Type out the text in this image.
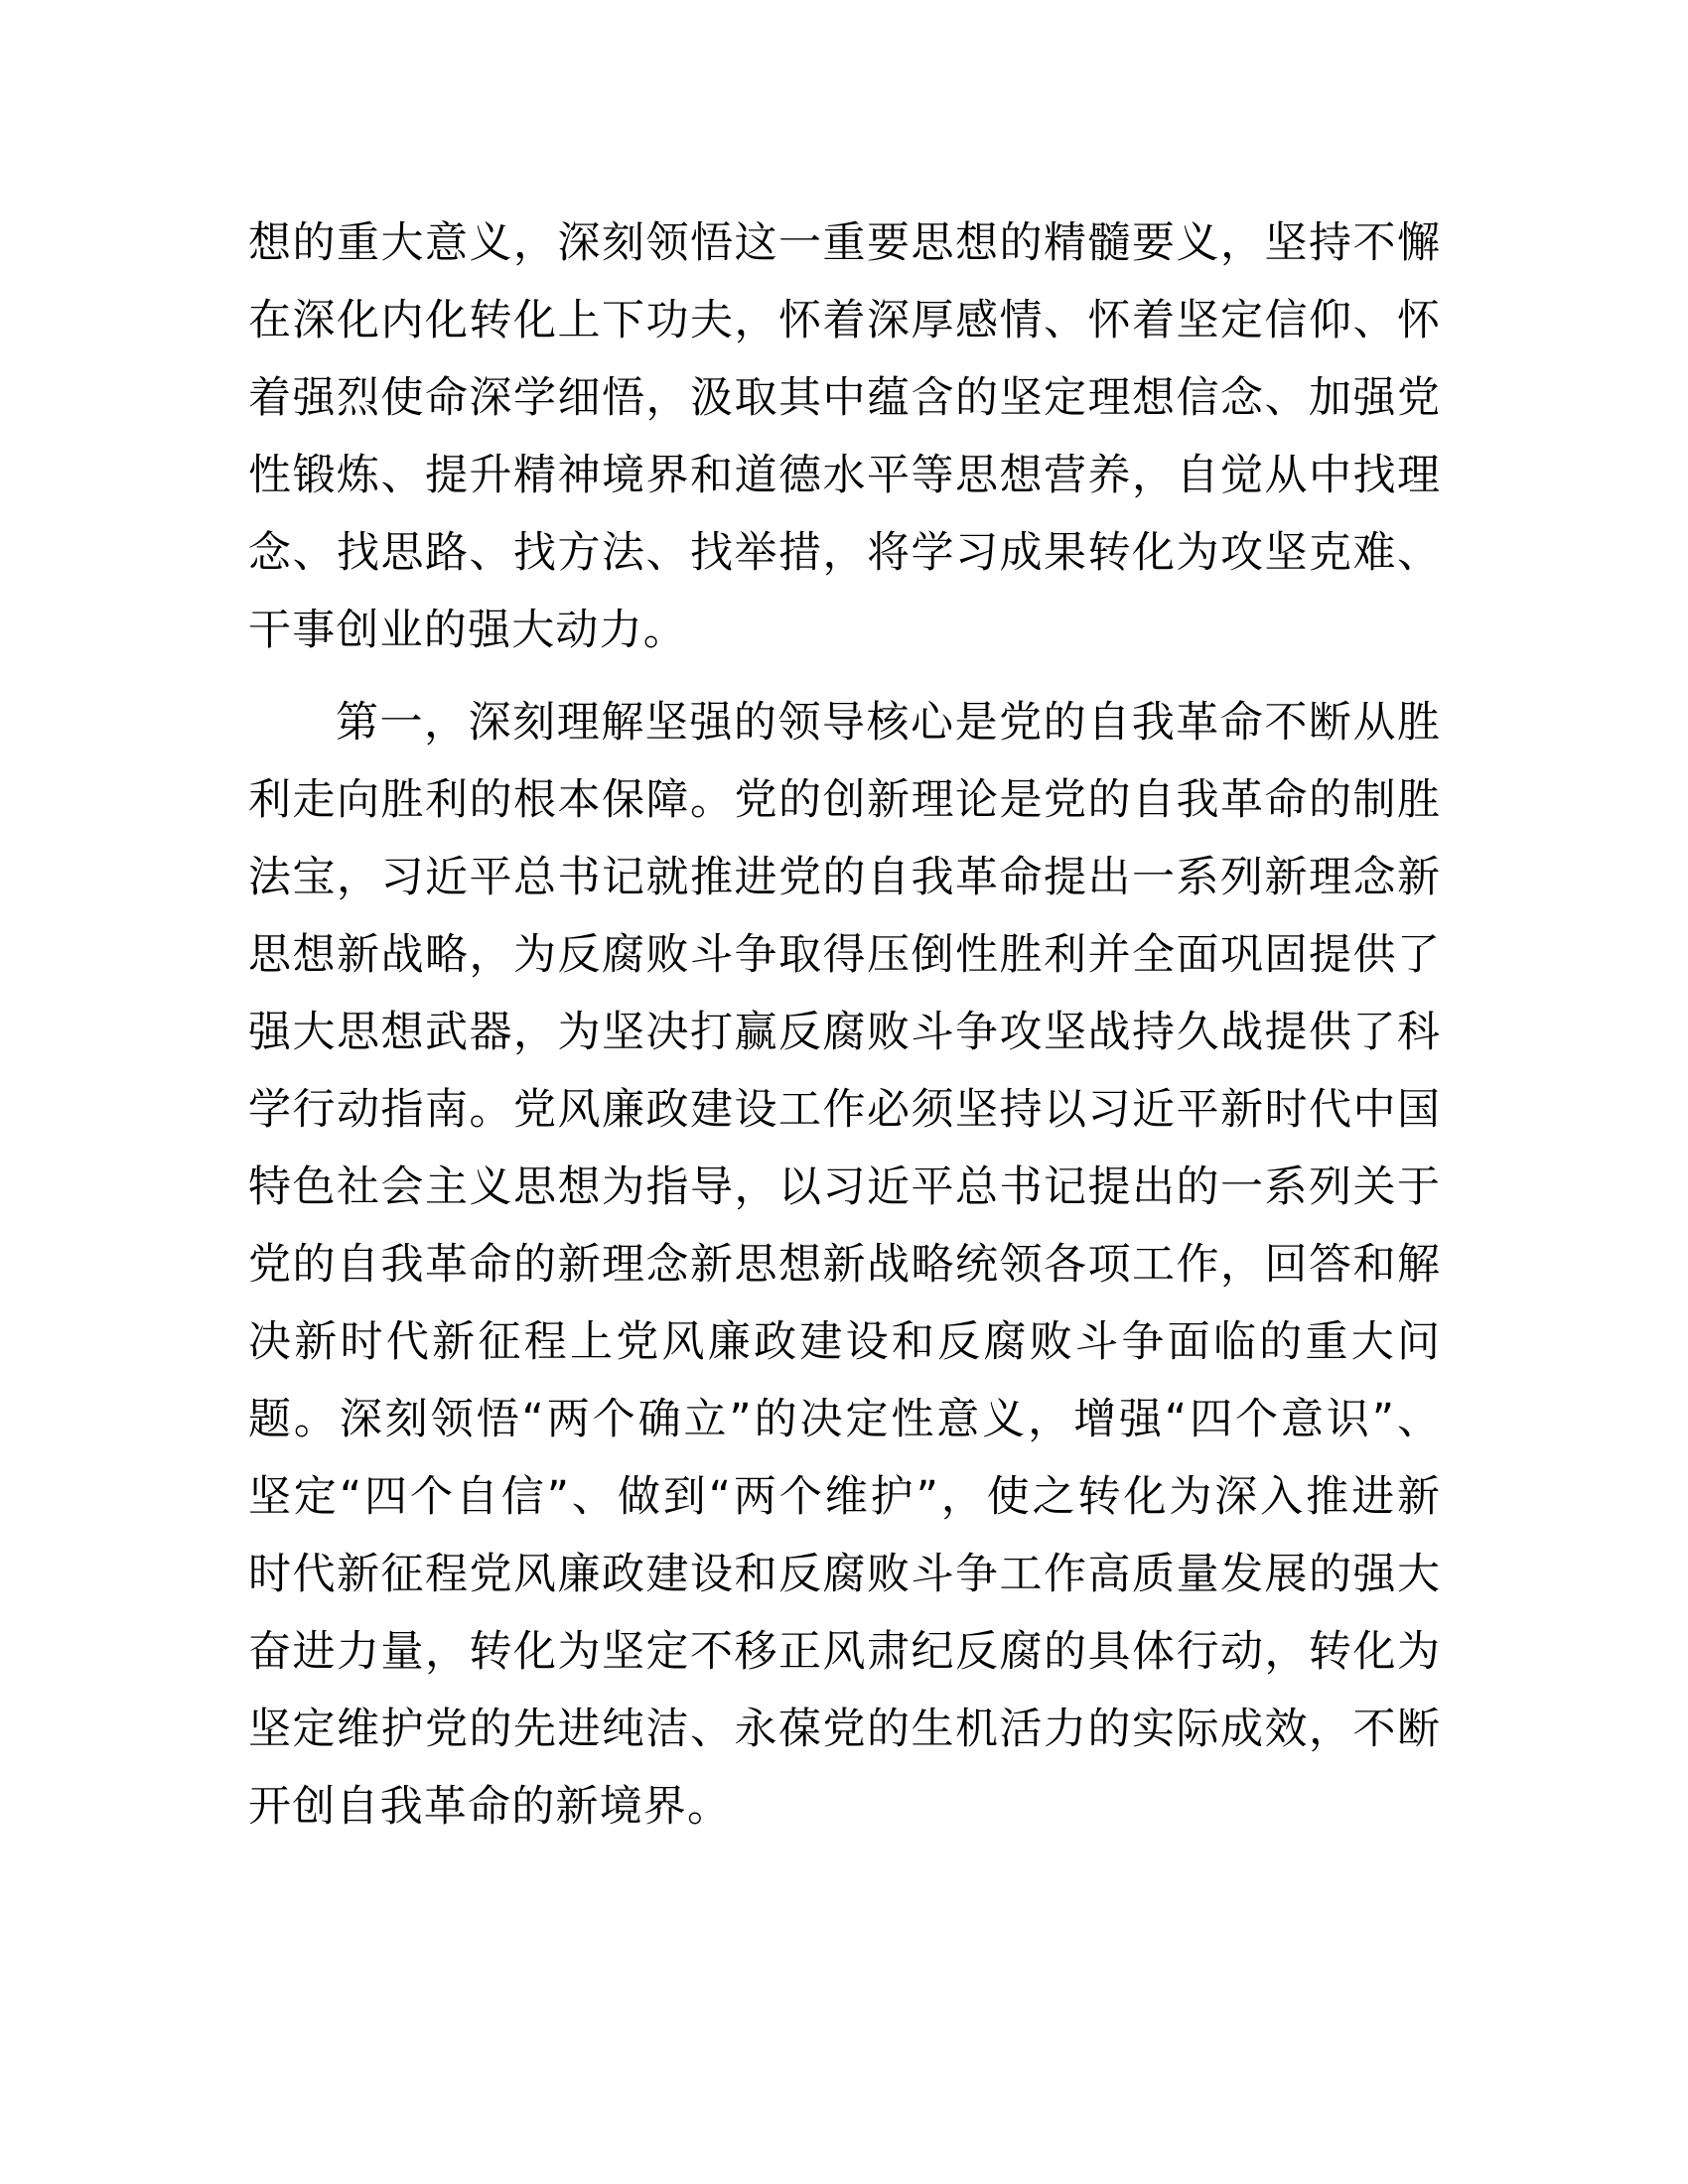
想的重大意义，深刻领悟这一重要思想的精髓要义，坚持不懈
在深化内化转化上下功夫，怀着深厚感情、怀着坚定信仰、怀
着强烈使命深学细悟，汲取其中蕴含的坚定理想信念、加强党
性锻炼、提升精神境界和道德水平等思想营养，自觉从中找理
念、找思路、找方法、找举措，将学习成果转化为攻坚克难、
干事创业的强大动力。
第一，深刻理解坚强的领导核心是党的自我革命不断从胜
利走向胜利的根本保障。党的创新理论是党的自我革命的制胜
法宝，习近平总书记就推进党的自我革命提出一系列新理念新
思想新战略，为反腐败斗争取得压倒性胜利并全面巩固提供了
强大思想武器，为坚决打赢反腐败斗争攻坚战持久战提供了科
学行动指南。党风廉政建设工作必须坚持以习近平新时代中国
特色社会主义思想为指导，以习近平总书记提出的一系列关于
党的自我革命的新理念新思想新战略统领各项工作，回答和解
决新时代新征程上党风廉政建设和反腐败斗争面临的重大问
题。深刻领悟“两个确立”的决定性意义，增强“四个意识”、
坚定“四个自信”、做到“两个维护”，使之转化为深入推进新
时代新征程党风廉政建设和反腐败斗争工作高质量发展的强大
奋进力量，转化为坚定不移正风肃纪反腐的具体行动，转化为
坚定维护党的先进纯洁、永葆党的生机活力的实际成效，不断
开创自我革命的新境界。
